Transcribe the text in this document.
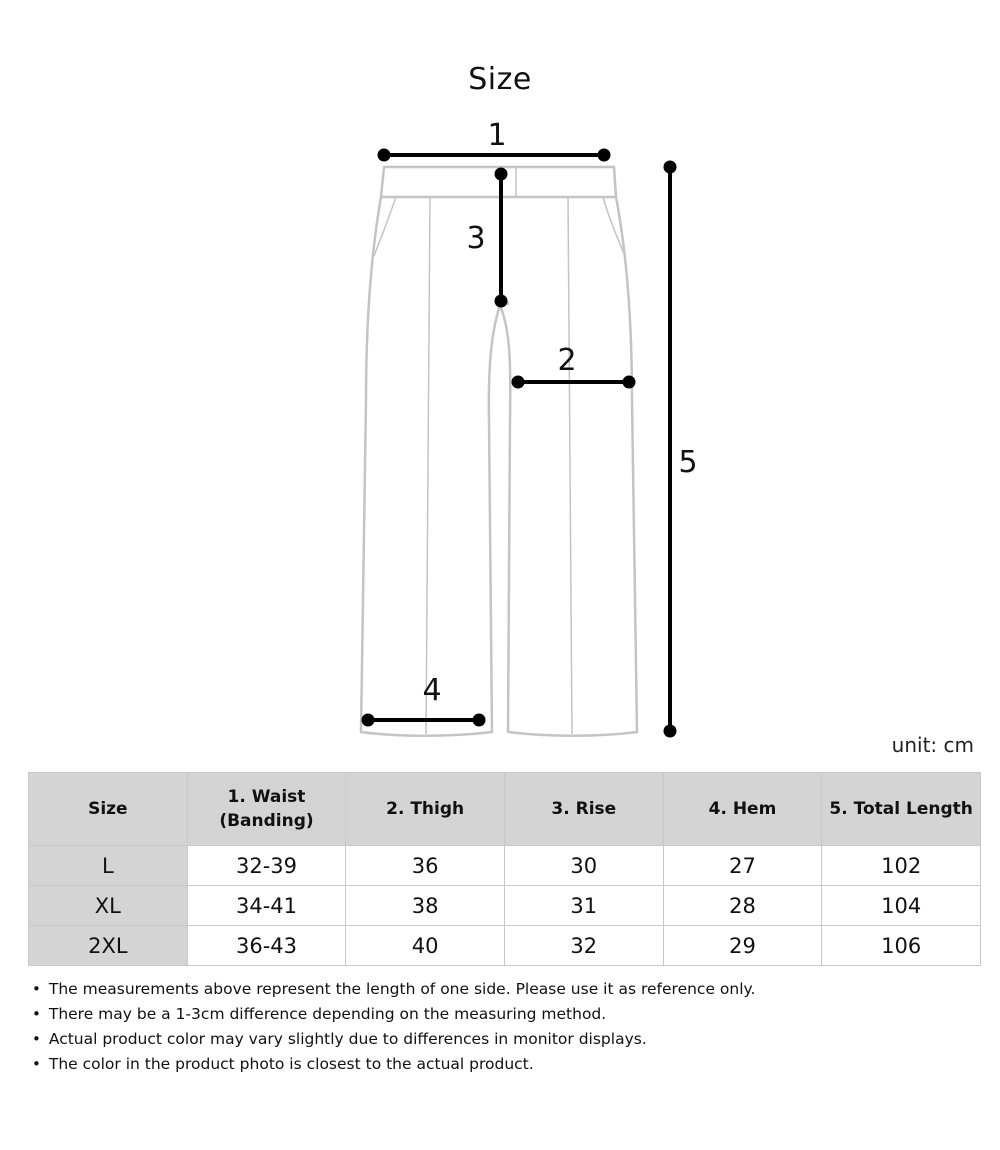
Size
1
3
2
4
5
unit: cm
Size	1. Waist (Banding)	2. Thigh	3. Rise	4. Hem	5. Total Length
L	32-39	36	30	27	102
XL	34-41	38	31	28	104
2XL	36-43	40	32	29	106
• The measurements above represent the length of one side. Please use it as reference only.
• There may be a 1-3cm difference depending on the measuring method.
• Actual product color may vary slightly due to differences in monitor displays.
• The color in the product photo is closest to the actual product.
